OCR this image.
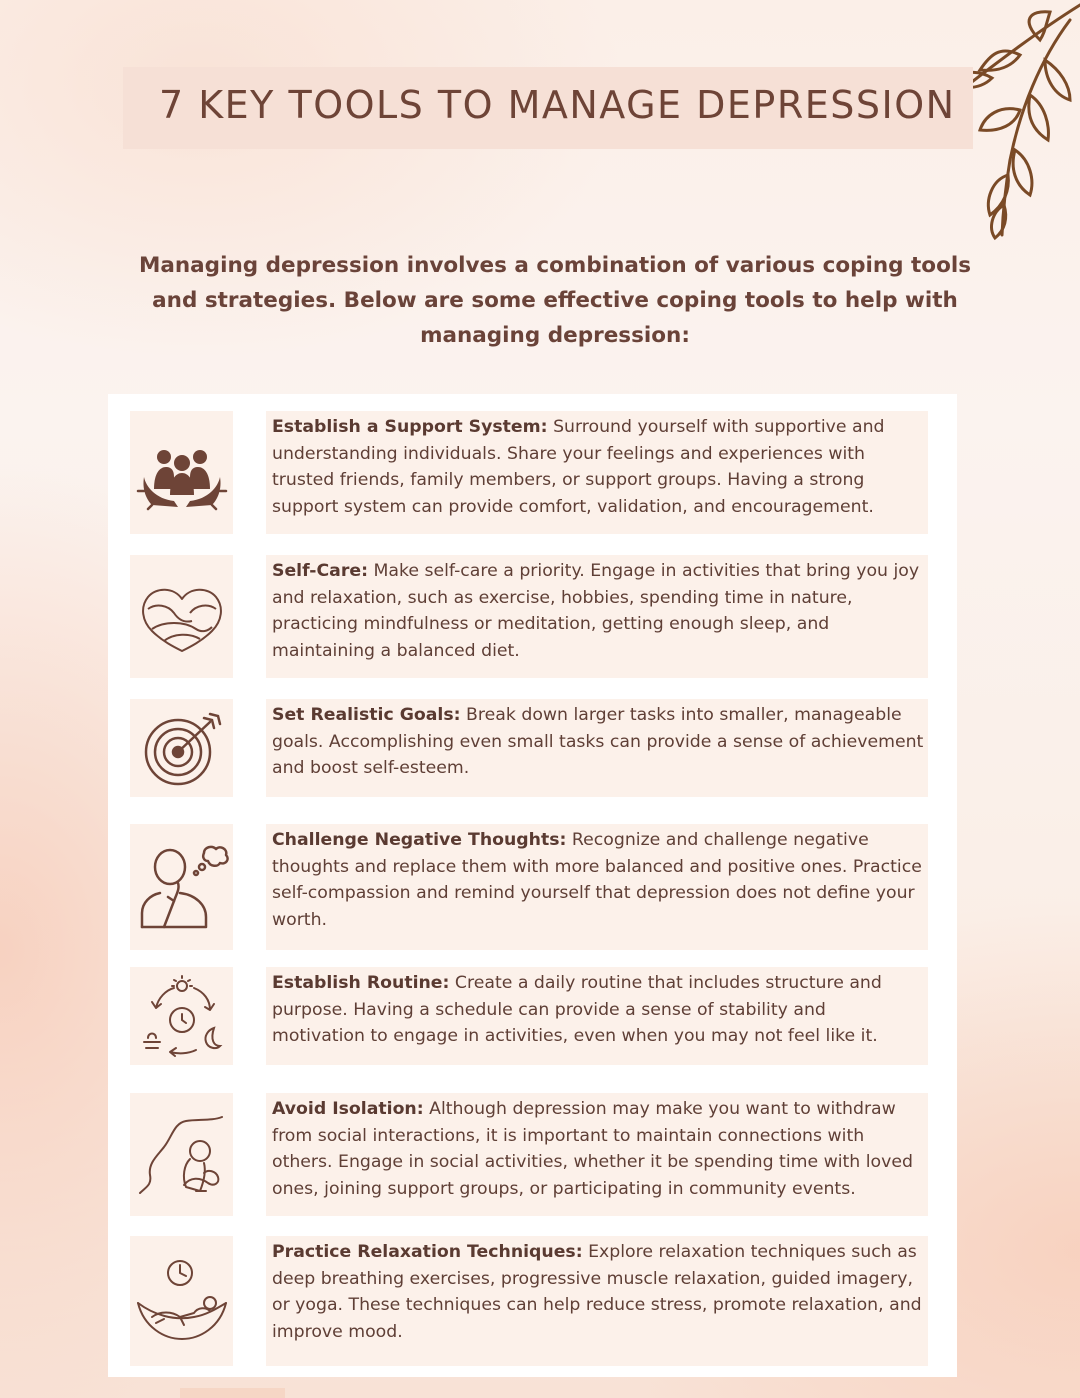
7 KEY TOOLS TO MANAGE DEPRESSION

Managing depression involves a combination of various coping tools and strategies. Below are some effective coping tools to help with managing depression:

Establish a Support System: Surround yourself with supportive and understanding individuals. Share your feelings and experiences with trusted friends, family members, or support groups. Having a strong support system can provide comfort, validation, and encouragement.

Self-Care: Make self-care a priority. Engage in activities that bring you joy and relaxation, such as exercise, hobbies, spending time in nature, practicing mindfulness or meditation, getting enough sleep, and maintaining a balanced diet.

Set Realistic Goals: Break down larger tasks into smaller, manageable goals. Accomplishing even small tasks can provide a sense of achievement and boost self-esteem.

Challenge Negative Thoughts: Recognize and challenge negative thoughts and replace them with more balanced and positive ones. Practice self-compassion and remind yourself that depression does not define your worth.

Establish Routine: Create a daily routine that includes structure and purpose. Having a schedule can provide a sense of stability and motivation to engage in activities, even when you may not feel like it.

Avoid Isolation: Although depression may make you want to withdraw from social interactions, it is important to maintain connections with others. Engage in social activities, whether it be spending time with loved ones, joining support groups, or participating in community events.

Practice Relaxation Techniques: Explore relaxation techniques such as deep breathing exercises, progressive muscle relaxation, guided imagery, or yoga. These techniques can help reduce stress, promote relaxation, and improve mood.
